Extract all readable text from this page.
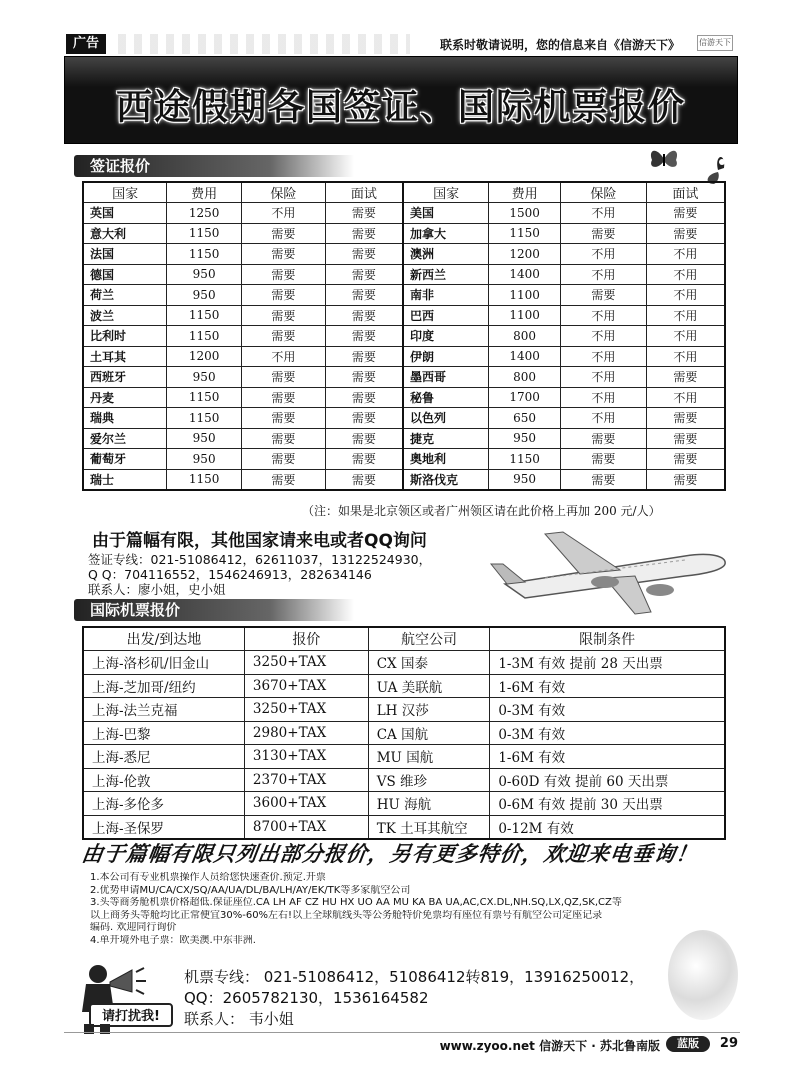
广告	联系时敬请说明，您的信息来自《信游天下》 信游天下
西途假期各国签证、国际机票报价
签证报价
国家	费用	保险	面试	国家	费用	保险	面试
英国	1250	不用	需要	美国	1500	不用	需要
意大利	1150	需要	需要	加拿大	1150	需要	需要
法国	1150	需要	需要	澳洲	1200	不用	不用
德国	950	需要	需要	新西兰	1400	不用	不用
荷兰	950	需要	需要	南非	1100	需要	不用
波兰	1150	需要	需要	巴西	1100	不用	不用
比利时	1150	需要	需要	印度	800	不用	不用
土耳其	1200	不用	需要	伊朗	1400	不用	不用
西班牙	950	需要	需要	墨西哥	800	不用	需要
丹麦	1150	需要	需要	秘鲁	1700	不用	不用
瑞典	1150	需要	需要	以色列	650	不用	需要
爱尔兰	950	需要	需要	捷克	950	需要	需要
葡萄牙	950	需要	需要	奥地利	1150	需要	需要
瑞士	1150	需要	需要	斯洛伐克	950	需要	需要
（注：如果是北京领区或者广州领区请在此价格上再加 200 元/人）
由于篇幅有限，其他国家请来电或者QQ询问
签证专线：021-51086412，62611037，13122524930，
Q Q：704116552，1546246913，282634146
联系人：廖小姐，史小姐
国际机票报价
出发/到达地	报价	航空公司	限制条件
上海-洛杉矶/旧金山	3250+TAX	CX 国泰	1-3M 有效 提前 28 天出票
上海-芝加哥/纽约	3670+TAX	UA 美联航	1-6M 有效
上海-法兰克福	3250+TAX	LH 汉莎	0-3M 有效
上海-巴黎	2980+TAX	CA 国航	0-3M 有效
上海-悉尼	3130+TAX	MU 国航	1-6M 有效
上海-伦敦	2370+TAX	VS 维珍	0-60D 有效 提前 60 天出票
上海-多伦多	3600+TAX	HU 海航	0-6M 有效 提前 30 天出票
上海-圣保罗	8700+TAX	TK 土耳其航空	0-12M 有效
由于篇幅有限只列出部分报价，另有更多特价，欢迎来电垂询！
1.本公司有专业机票操作人员给您快速查价.预定.开票
2.优势申请MU/CA/CX/SQ/AA/UA/DL/BA/LH/AY/EK/TK等多家航空公司
3.头等商务舱机票价格超低.保证座位.CA LH AF CZ HU HX UO AA MU KA BA UA,AC,CX.DL,NH.SQ,LX,QZ,SK,CZ等
以上商务头等舱均比正常便宜30%-60%左右!以上全球航线头等公务舱特价免票均有座位有票号有航空公司定座记录
编码. 欢迎同行询价
4.单开境外电子票：欧美澳.中东非洲.
请打扰我!
机票专线： 021-51086412，51086412转819，13916250012，
QQ：2605782130，1536164582
联系人： 韦小姐
www.zyoo.net 信游天下 · 苏北鲁南版	蓝版	29
